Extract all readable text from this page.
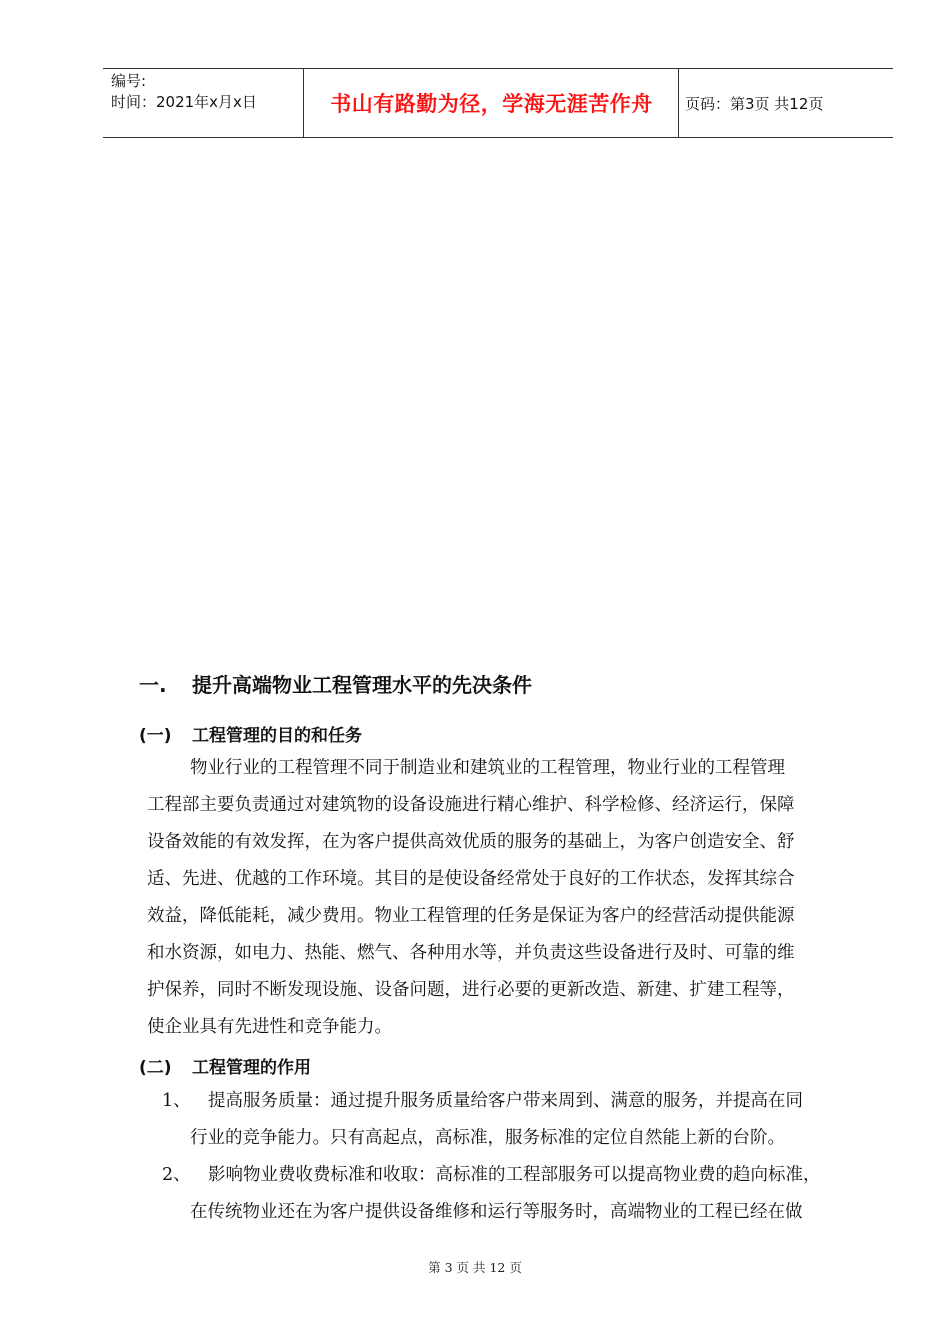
编号:
时间：2021年x月x日	书山有路勤为径，学海无涯苦作舟	页码：第3页 共12页
一. 提升高端物业工程管理水平的先决条件
(一) 工程管理的目的和任务
物业行业的工程管理不同于制造业和建筑业的工程管理，物业行业的工程管理
工程部主要负责通过对建筑物的设备设施进行精心维护、科学检修、经济运行，保障
设备效能的有效发挥，在为客户提供高效优质的服务的基础上，为客户创造安全、舒
适、先进、优越的工作环境。其目的是使设备经常处于良好的工作状态，发挥其综合
效益，降低能耗，减少费用。物业工程管理的任务是保证为客户的经营活动提供能源
和水资源，如电力、热能、燃气、各种用水等，并负责这些设备进行及时、可靠的维
护保养，同时不断发现设施、设备问题，进行必要的更新改造、新建、扩建工程等，
使企业具有先进性和竞争能力。
(二) 工程管理的作用
1、 提高服务质量：通过提升服务质量给客户带来周到、满意的服务，并提高在同
行业的竞争能力。只有高起点，高标准，服务标准的定位自然能上新的台阶。
2、 影响物业费收费标准和收取：高标准的工程部服务可以提高物业费的趋向标准，
在传统物业还在为客户提供设备维修和运行等服务时，高端物业的工程已经在做
第 3 页 共 12 页
